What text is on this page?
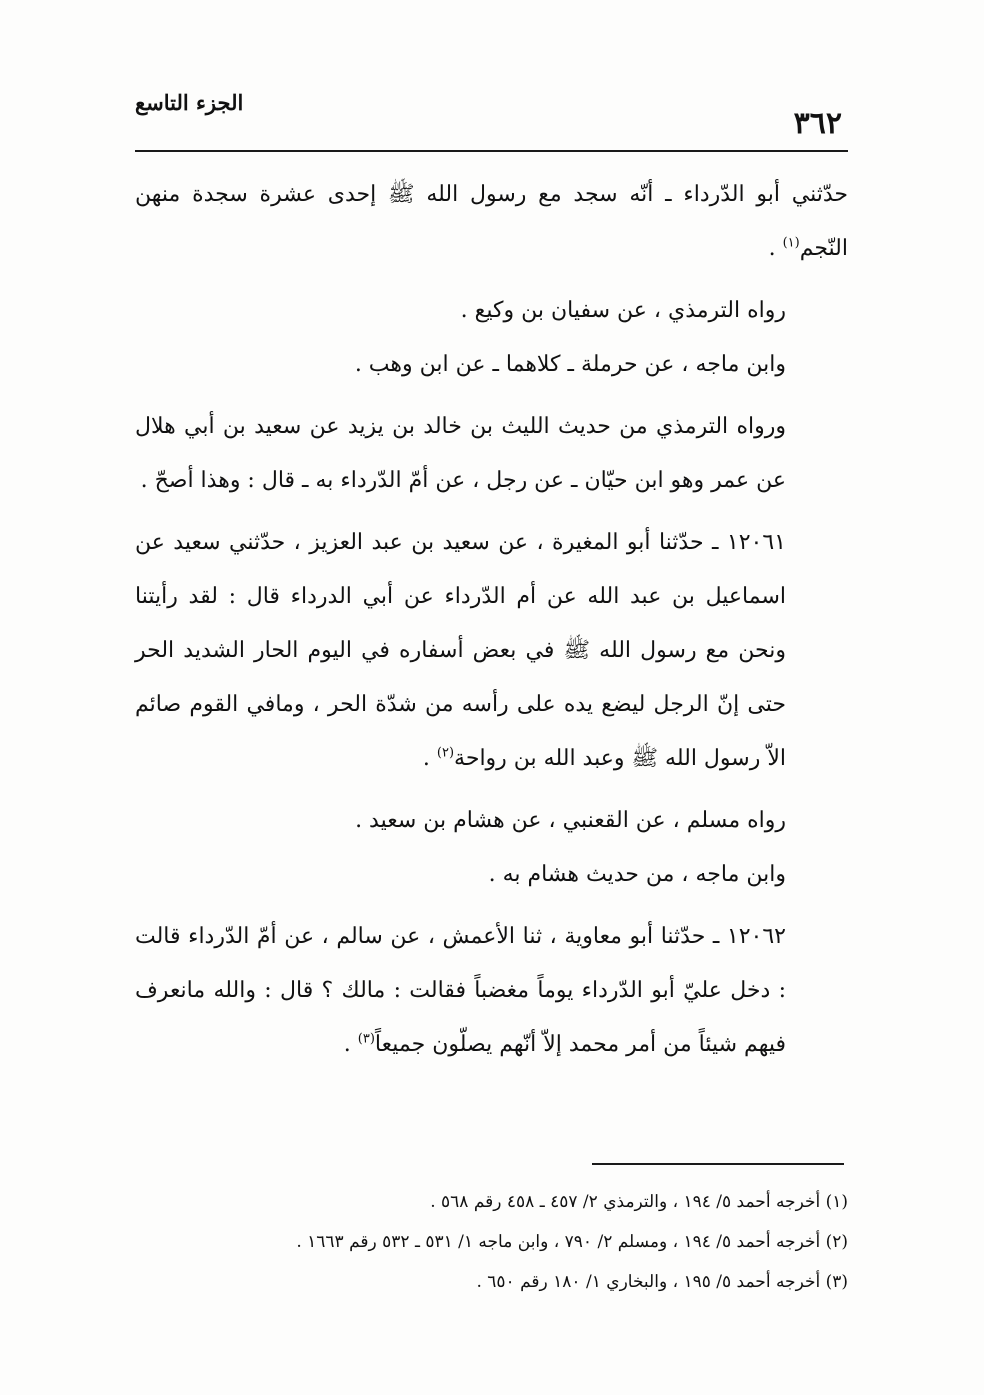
الجزء التاسع
٣٦٢

حدّثني أبو الدّرداء ـ أنّه سجد مع رسول الله ﷺ إحدى عشرة سجدة منهن النّجم$^{(١)}$ .

رواه الترمذي ، عن سفيان بن وكيع .

وابن ماجه ، عن حرملة ـ كلاهما ـ عن ابن وهب .

ورواه الترمذي من حديث الليث بن خالد بن يزيد عن سعيد بن أبي هلال عن عمر وهو ابن حيّان ـ عن رجل ، عن أمّ الدّرداء به ـ قال : وهذا أصحّ .

١٢٠٦١ ـ حدّثنا أبو المغيرة ، عن سعيد بن عبد العزيز ، حدّثني سعيد عن اسماعيل بن عبد الله عن أم الدّرداء عن أبي الدرداء قال : لقد رأيتنا ونحن مع رسول الله ﷺ في بعض أسفاره في اليوم الحار الشديد الحر حتى إنّ الرجل ليضع يده على رأسه من شدّة الحر ، ومافي القوم صائم الاّ رسول الله ﷺ وعبد الله بن رواحة$^{(٢)}$ .

رواه مسلم ، عن القعنبي ، عن هشام بن سعيد .

وابن ماجه ، من حديث هشام به .

١٢٠٦٢ ـ حدّثنا أبو معاوية ، ثنا الأعمش ، عن سالم ، عن أمّ الدّرداء قالت : دخل عليّ أبو الدّرداء يوماً مغضباً فقالت : مالك ؟ قال : والله مانعرف فيهم شيئاً من أمر محمد إلاّ أنّهم يصلّون جميعاً$^{(٣)}$ .

(١) أخرجه أحمد ٥/ ١٩٤ ، والترمذي ٢/ ٤٥٧ ـ ٤٥٨ رقم ٥٦٨ .
(٢) أخرجه أحمد ٥/ ١٩٤ ، ومسلم ٢/ ٧٩٠ ، وابن ماجه ١/ ٥٣١ ـ ٥٣٢ رقم ١٦٦٣ .
(٣) أخرجه أحمد ٥/ ١٩٥ ، والبخاري ١/ ١٨٠ رقم ٦٥٠ .
